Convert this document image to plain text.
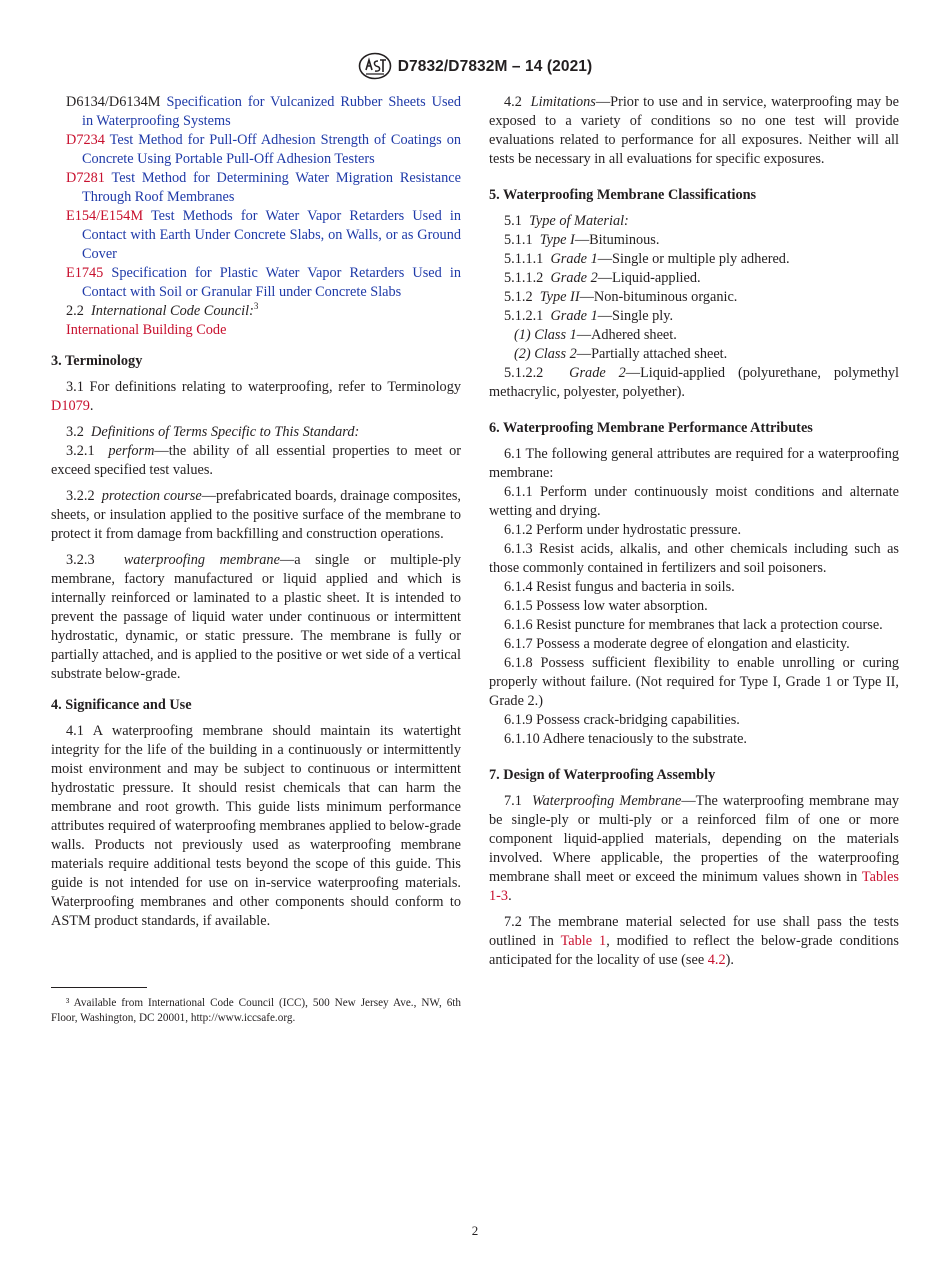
D7832/D7832M – 14 (2021)

D6134/D6134M Specification for Vulcanized Rubber Sheets Used in Waterproofing Systems

D7234 Test Method for Pull-Off Adhesion Strength of Coatings on Concrete Using Portable Pull-Off Adhesion Testers

D7281 Test Method for Determining Water Migration Resistance Through Roof Membranes

E154/E154M Test Methods for Water Vapor Retarders Used in Contact with Earth Under Concrete Slabs, on Walls, or as Ground Cover

E1745 Specification for Plastic Water Vapor Retarders Used in Contact with Soil or Granular Fill under Concrete Slabs

2.2 International Code Council:$^3$

International Building Code

3. Terminology

3.1 For definitions relating to waterproofing, refer to Terminology D1079.

3.2 Definitions of Terms Specific to This Standard:

3.2.1 perform—the ability of all essential properties to meet or exceed specified test values.

3.2.2 protection course—prefabricated boards, drainage composites, sheets, or insulation applied to the positive surface of the membrane to protect it from damage from backfilling and construction operations.

3.2.3 waterproofing membrane—a single or multiple-ply membrane, factory manufactured or liquid applied and which is internally reinforced or laminated to a plastic sheet. It is intended to prevent the passage of liquid water under continuous or intermittent hydrostatic, dynamic, or static pressure. The membrane is fully or partially attached, and is applied to the positive or wet side of a vertical substrate below-grade.

4. Significance and Use

4.1 A waterproofing membrane should maintain its watertight integrity for the life of the building in a continuously or intermittently moist environment and may be subject to continuous or intermittent hydrostatic pressure. It should resist chemicals that can harm the membrane and root growth. This guide lists minimum performance attributes required of waterproofing membranes applied to below-grade walls. Products not previously used as waterproofing membrane materials require additional tests beyond the scope of this guide. This guide is not intended for use on in-service waterproofing materials. Waterproofing membranes and other components should conform to ASTM product standards, if available.

³ Available from International Code Council (ICC), 500 New Jersey Ave., NW, 6th Floor, Washington, DC 20001, http://www.iccsafe.org.

4.2 Limitations—Prior to use and in service, waterproofing may be exposed to a variety of conditions so no one test will provide evaluations related to performance for all exposures. Neither will all tests be necessary in all evaluations for specific exposures.

5. Waterproofing Membrane Classifications

5.1 Type of Material:

5.1.1 Type I—Bituminous.

5.1.1.1 Grade 1—Single or multiple ply adhered.

5.1.1.2 Grade 2—Liquid-applied.

5.1.2 Type II—Non-bituminous organic.

5.1.2.1 Grade 1—Single ply.

(1) Class 1—Adhered sheet.

(2) Class 2—Partially attached sheet.

5.1.2.2 Grade 2—Liquid-applied (polyurethane, polymethyl methacrylic, polyester, polyether).

6. Waterproofing Membrane Performance Attributes

6.1 The following general attributes are required for a waterproofing membrane:

6.1.1 Perform under continuously moist conditions and alternate wetting and drying.

6.1.2 Perform under hydrostatic pressure.

6.1.3 Resist acids, alkalis, and other chemicals including such as those commonly contained in fertilizers and soil poisoners.

6.1.4 Resist fungus and bacteria in soils.

6.1.5 Possess low water absorption.

6.1.6 Resist puncture for membranes that lack a protection course.

6.1.7 Possess a moderate degree of elongation and elasticity.

6.1.8 Possess sufficient flexibility to enable unrolling or curing properly without failure. (Not required for Type I, Grade 1 or Type II, Grade 2.)

6.1.9 Possess crack-bridging capabilities.

6.1.10 Adhere tenaciously to the substrate.

7. Design of Waterproofing Assembly

7.1 Waterproofing Membrane—The waterproofing membrane may be single-ply or multi-ply or a reinforced film of one or more component liquid-applied materials, depending on the materials involved. Where applicable, the properties of the waterproofing membrane shall meet or exceed the minimum values shown in Tables 1-3.

7.2 The membrane material selected for use shall pass the tests outlined in Table 1, modified to reflect the below-grade conditions anticipated for the locality of use (see 4.2).

2
